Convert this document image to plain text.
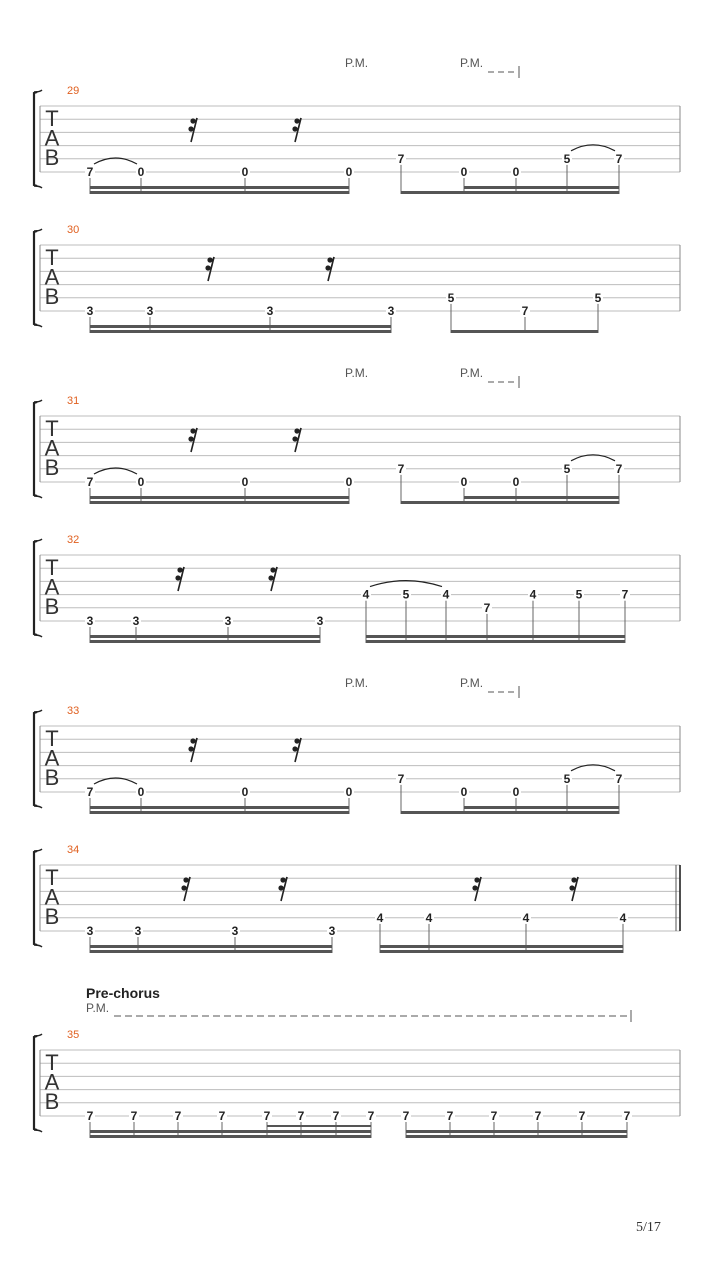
T
A
B
29
P.M.	P.M.
7	0	0	0
7
0	0
5	7
T
A
B
30
3	3	3	3
5
7
5
T
A
B
31
P.M.	P.M.
7	0	0	0
7
0	0
5	7
T
A
B
32
3	3	3	3
4	5	4
7
4	5	7
T
A
B
33
P.M.	P.M.
7	0	0	0
7
0	0
5	7
T
A
B
34
3	3	3	3
4	4	4	4
T
A
B
35
Pre-chorus
P.M.
7	7	7	7	7 7 7 7 7	7	7	7	7	7
5/17
